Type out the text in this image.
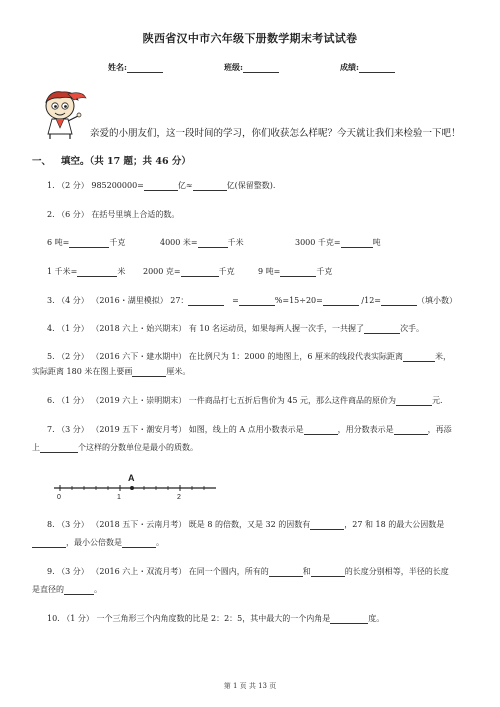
陕西省汉中市六年级下册数学期末考试试卷
姓名:	班级:	成绩:
亲爱的小朋友们，这一段时间的学习，你们收获怎么样呢？今天就让我们来检验一下吧！
一、 填空。（共 17 题；共 46 分）
1. （2 分） 985200000=	亿≈	亿(保留整数).
2. （6 分） 在括号里填上合适的数。
6 吨=	千克	4000 米=	千米	3000 千克=	吨
1 千米=	米 2000 克=	千克	9 吨=	千克
3. （4 分） （2016・湖里模拟） 27：	=	%=15÷20=	/12=	（填小数）
4. （1 分） （2018 六上・始兴期末） 有 10 名运动员，如果每两人握一次手，一共握了	次手。
5. （2 分） （2016 六下・建水期中） 在比例尺为 1：2000 的地图上，6 厘米的线段代表实际距离	米，
实际距离 180 米在图上要画	厘米。
6. （1 分） （2019 六上・崇明期末） 一件商品打七五折后售价为 45 元，那么这件商品的原价为	元.
7. （3 分） （2019 五下・潮安月考） 如图，线上的 A 点用小数表示是	，用分数表示是	，再添
上	个这样的分数单位是最小的质数。
A
0	1	2
8. （3 分） （2018 五下・云南月考） 既是 8 的倍数，又是 32 的因数有	，27 和 18 的最大公因数是
，最小公倍数是	。
9. （3 分） （2016 六上・双流月考） 在同一个圆内，所有的	和	的长度分别相等，半径的长度
是直径的	。
10. （1 分） 一个三角形三个内角度数的比是 2：2：5，其中最大的一个内角是	度。
第 1 页 共 13 页
